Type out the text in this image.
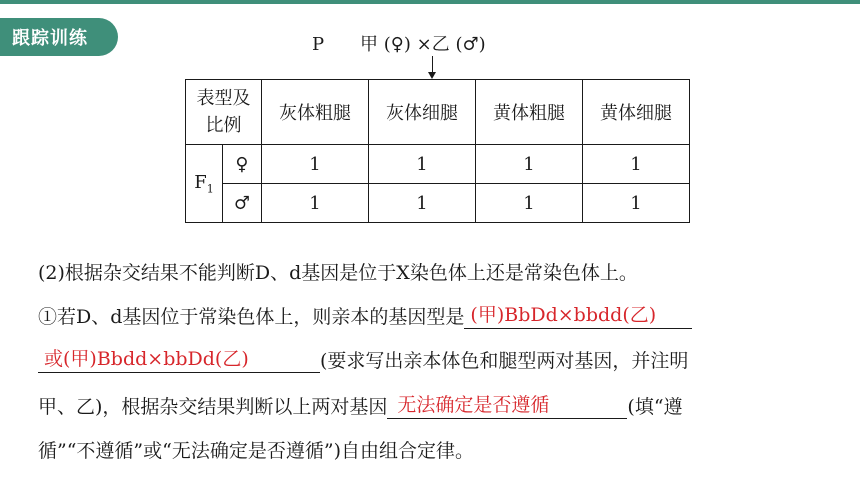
跟踪训练	P 甲 (♀) ×乙 (♂)
表型及
比例		灰体粗腿	灰体细腿	黄体粗腿	黄体细腿
$F_1$	♀	1	1	1	1
	♂	1	1	1	1
(2)根据杂交结果不能判断D、d基因是位于X染色体上还是常染色体上。
①若D、d基因位于常染色体上，则亲本的基因型是 (甲)BbDd×bbdd(乙)
或(甲)Bbdd×bbDd(乙)	(要求写出亲本体色和腿型两对基因，并注明
甲、乙)，根据杂交结果判断以上两对基因 无法确定是否遵循	(填“遵
循”“不遵循”或“无法确定是否遵循”)自由组合定律。
